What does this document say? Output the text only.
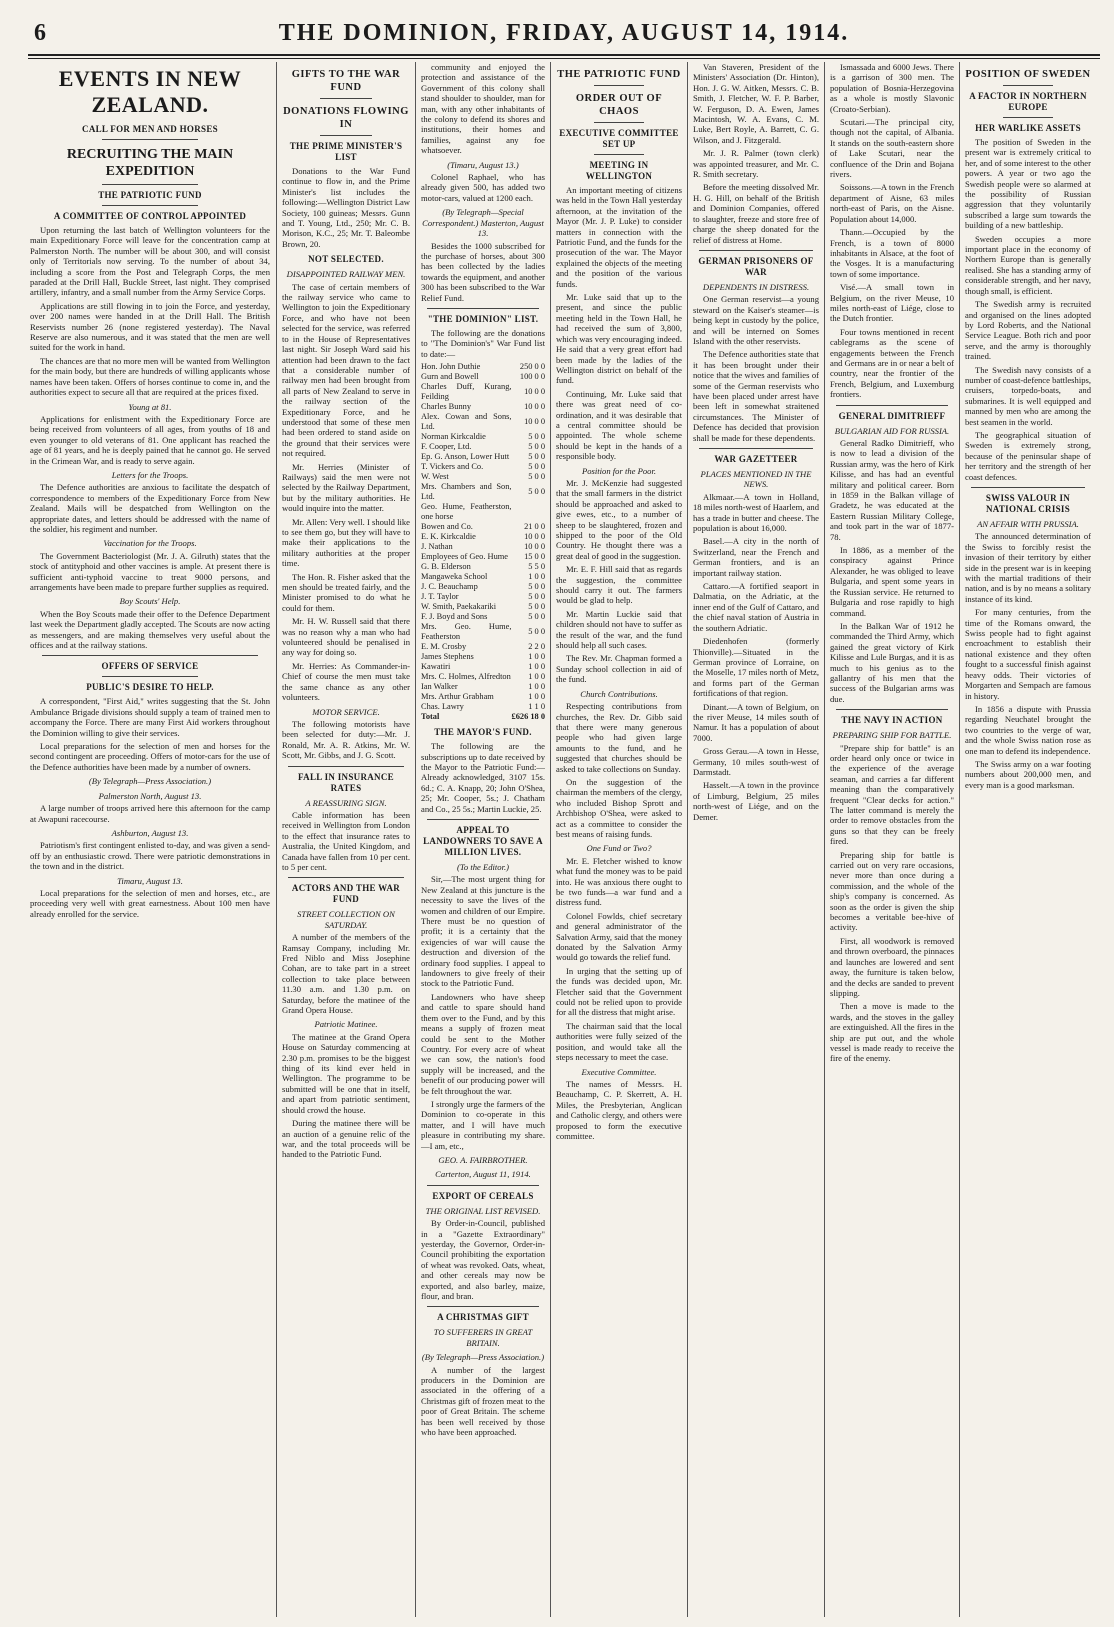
6	THE DOMINION, FRIDAY, AUGUST 14, 1914.
EVENTS IN NEW ZEALAND.
CALL FOR MEN AND HORSES
RECRUITING THE MAIN EXPEDITION
THE PATRIOTIC FUND
A COMMITTEE OF CONTROL APPOINTED

Upon returning the last batch of Wellington volunteers for the main Expeditionary Force will leave for the concentration camp at Palmerston North. The number will be about 300, and will consist only of Territorials now serving. To the number of about 34, including a score from the Post and Telegraph Corps, the men paraded at the Drill Hall, Buckle Street, last night. They comprised artillery, infantry, and a small number from the Army Service Corps.

Applications are still flowing in to join the Force, and yesterday, over 200 names were handed in at the Drill Hall. The British Reservists number 26 (none registered yesterday). The Naval Reserve are also numerous, and it was stated that the men are well suited for the work in hand.

The chances are that no more men will be wanted from Wellington for the main body, but there are hundreds of willing applicants whose names have been taken. Offers of horses continue to come in, and the authorities expect to secure all that are required at the prices fixed.

Young at 81.

Applications for enlistment with the Expeditionary Force are being received from volunteers of all ages, from youths of 18 and even younger to old veterans of 81. One applicant has reached the age of 81 years, and he is deeply pained that he cannot go. He served in the Crimean War, and is ready to serve again.

Letters for the Troops.

The Defence authorities are anxious to facilitate the despatch of correspondence to members of the Expeditionary Force from New Zealand. Mails will be despatched from Wellington on the appropriate dates, and letters should be addressed with the name of the soldier, his regiment and number.

Vaccination for the Troops.

The Government Bacteriologist (Mr. J. A. Gilruth) states that the stock of antityphoid and other vaccines is ample. At present there is sufficient anti-typhoid vaccine to treat 9000 persons, and arrangements have been made to prepare further supplies as required.

Boy Scouts' Help.

When the Boy Scouts made their offer to the Defence Department last week the Department gladly accepted. The Scouts are now acting as messengers, and are making themselves very useful about the offices and at the railway stations.

OFFERS OF SERVICE
PUBLIC'S DESIRE TO HELP.

A correspondent, "First Aid," writes suggesting that the St. John Ambulance Brigade divisions should supply a team of trained men to accompany the Force. There are many First Aid workers throughout the Dominion willing to give their services.

Local preparations for the selection of men and horses for the second contingent are proceeding. Offers of motor-cars for the use of the Defence authorities have been made by a number of owners.

(By Telegraph—Press Association.)
Palmerston North, August 13.

A large number of troops arrived here this afternoon for the camp at Awapuni racecourse.

Ashburton, August 13.

Patriotism's first contingent enlisted to-day, and was given a send-off by an enthusiastic crowd. There were patriotic demonstrations in the town and in the district.

Timaru, August 13.

Local preparations for the selection of men and horses, etc., are proceeding very well with great earnestness. About 100 men have already enrolled for the service.

GIFTS TO THE WAR FUND
DONATIONS FLOWING IN
THE PRIME MINISTER'S LIST

Donations to the War Fund continue to flow in, and the Prime Minister's list includes the following:—Wellington District Law Society, 100 guineas; Messrs. Gunn and T. Young, Ltd., 250; Mr. C. B. Morison, K.C., 25; Mr. T. Baleombe Brown, 20.

NOT SELECTED.
DISAPPOINTED RAILWAY MEN.

The case of certain members of the railway service who came to Wellington to join the Expeditionary Force, and who have not been selected for the service, was referred to in the House of Representatives last night. Sir Joseph Ward said his attention had been drawn to the fact that a considerable number of railway men had been brought from all parts of New Zealand to serve in the railway section of the Expeditionary Force, and he understood that some of these men had been ordered to stand aside on the ground that their services were not required.

Mr. Herries (Minister of Railways) said the men were not selected by the Railway Department, but by the military authorities. He would inquire into the matter.

Mr. Allen: Very well. I should like to see them go, but they will have to make their applications to the military authorities at the proper time.

The Hon. R. Fisher asked that the men should be treated fairly, and the Minister promised to do what he could for them.

Mr. H. W. Russell said that there was no reason why a man who had volunteered should be penalised in any way for doing so.

Mr. Herries: As Commander-in-Chief of course the men must take the same chance as any other volunteers.

MOTOR SERVICE.

The following motorists have been selected for duty:—Mr. J. Ronald, Mr. A. R. Atkins, Mr. W. Scott, Mr. Gibbs, and J. G. Scott.

FALL IN INSURANCE RATES
A REASSURING SIGN.

Cable information has been received in Wellington from London to the effect that insurance rates to Australia, the United Kingdom, and Canada have fallen from 10 per cent. to 5 per cent.

ACTORS AND THE WAR FUND
STREET COLLECTION ON SATURDAY.

A number of the members of the Ramsay Company, including Mr. Fred Niblo and Miss Josephine Cohan, are to take part in a street collection to take place between 11.30 a.m. and 1.30 p.m. on Saturday, before the matinee of the Grand Opera House.

Patriotic Matinee.

The matinee at the Grand Opera House on Saturday commencing at 2.30 p.m. promises to be the biggest thing of its kind ever held in Wellington. The programme to be submitted will be one that in itself, and apart from patriotic sentiment, should crowd the house.

During the matinee there will be an auction of a genuine relic of the war, and the total proceeds will be handed to the Patriotic Fund.

community and enjoyed the protection and assistance of the Government of this colony shall stand shoulder to shoulder, man for man, with any other inhabitants of the colony to defend its shores and institutions, their homes and families, against any foe whatsoever.

(Timaru, August 13.)

Colonel Raphael, who has already given 500, has added two motor-cars, valued at 1200 each.

(By Telegraph—Special Correspondent.) Masterton, August 13.

Besides the 1000 subscribed for the purchase of horses, about 300 has been collected by the ladies towards the equipment, and another 300 has been subscribed to the War Relief Fund.

"THE DOMINION" LIST.

The following are the donations to "The Dominion's" War Fund list to date:—

Hon. John Duthie	250 0 0
Gurn and Bowell	100 0 0
Charles Duff, Kurang, Feilding	10 0 0
Charles Bunny	10 0 0
Alex. Cowan and Sons, Ltd.	10 0 0
Norman Kirkcaldie	5 0 0
F. Cooper, Ltd.	5 0 0
Ep. G. Anson, Lower Hutt	5 0 0
T. Vickers and Co.	5 0 0
W. West	5 0 0
Mrs. Chambers and Son, Ltd.	5 0 0
Geo. Hume, Featherston, one horse	
Bowen and Co.	21 0 0
E. K. Kirkcaldie	10 0 0
J. Nathan	10 0 0
Employees of Geo. Hume	15 0 0
G. B. Elderson	5 5 0
Mangaweka School	1 0 0
J. C. Beauchamp	5 0 0
J. T. Taylor	5 0 0
W. Smith, Paekakariki	5 0 0
F. J. Boyd and Sons	5 0 0
Mrs. Geo. Hume, Featherston	5 0 0
E. M. Crosby	2 2 0
James Stephens	1 0 0
Kawatiri	1 0 0
Mrs. C. Holmes, Alfredton	1 0 0
Ian Walker	1 0 0
Mrs. Arthur Grabham	1 0 0
Chas. Lawry	1 1 0
Total	£626 18 0
THE MAYOR'S FUND.

The following are the subscriptions up to date received by the Mayor to the Patriotic Fund:—Already acknowledged, 3107 15s. 6d.; C. A. Knapp, 20; John O'Shea, 25; Mr. Cooper, 5s.; J. Chatham and Co., 25 5s.; Martin Luckie, 25.

APPEAL TO LANDOWNERS TO SAVE A MILLION LIVES.
(To the Editor.)

Sir,—The most urgent thing for New Zealand at this juncture is the necessity to save the lives of the women and children of our Empire. There must be no question of profit; it is a certainty that the exigencies of war will cause the destruction and diversion of the ordinary food supplies. I appeal to landowners to give freely of their stock to the Patriotic Fund.

Landowners who have sheep and cattle to spare should hand them over to the Fund, and by this means a supply of frozen meat could be sent to the Mother Country. For every acre of wheat we can sow, the nation's food supply will be increased, and the benefit of our producing power will be felt throughout the war.

I strongly urge the farmers of the Dominion to co-operate in this matter, and I will have much pleasure in contributing my share.—I am, etc.,

GEO. A. FAIRBROTHER.
Carterton, August 11, 1914.
EXPORT OF CEREALS
THE ORIGINAL LIST REVISED.

By Order-in-Council, published in a "Gazette Extraordinary" yesterday, the Governor, Order-in-Council prohibiting the exportation of wheat was revoked. Oats, wheat, and other cereals may now be exported, and also barley, maize, flour, and bran.

A CHRISTMAS GIFT
TO SUFFERERS IN GREAT BRITAIN.
(By Telegraph—Press Association.)

A number of the largest producers in the Dominion are associated in the offering of a Christmas gift of frozen meat to the poor of Great Britain. The scheme has been well received by those who have been approached.

THE PATRIOTIC FUND
ORDER OUT OF CHAOS
EXECUTIVE COMMITTEE SET UP
MEETING IN WELLINGTON

An important meeting of citizens was held in the Town Hall yesterday afternoon, at the invitation of the Mayor (Mr. J. P. Luke) to consider matters in connection with the Patriotic Fund, and the funds for the prosecution of the war. The Mayor explained the objects of the meeting and the position of the various funds.

Mr. Luke said that up to the present, and since the public meeting held in the Town Hall, he had received the sum of 3,800, which was very encouraging indeed. He said that a very great effort had been made by the ladies of the Wellington district on behalf of the fund.

Continuing, Mr. Luke said that there was great need of co-ordination, and it was desirable that a central committee should be appointed. The whole scheme should be kept in the hands of a responsible body.

Position for the Poor.

Mr. J. McKenzie had suggested that the small farmers in the district should be approached and asked to give ewes, etc., to a number of sheep to be slaughtered, frozen and shipped to the poor of the Old Country. He thought there was a great deal of good in the suggestion.

Mr. E. F. Hill said that as regards the suggestion, the committee should carry it out. The farmers would be glad to help.

Mr. Martin Luckie said that children should not have to suffer as the result of the war, and the fund should help all such cases.

The Rev. Mr. Chapman formed a Sunday school collection in aid of the fund.

Church Contributions.

Respecting contributions from churches, the Rev. Dr. Gibb said that there were many generous people who had given large amounts to the fund, and he suggested that churches should be asked to take collections on Sunday.

On the suggestion of the chairman the members of the clergy, who included Bishop Sprott and Archbishop O'Shea, were asked to act as a committee to consider the best means of raising funds.

One Fund or Two?

Mr. E. Fletcher wished to know what fund the money was to be paid into. He was anxious there ought to be two funds—a war fund and a distress fund.

Colonel Fowlds, chief secretary and general administrator of the Salvation Army, said that the money donated by the Salvation Army would go towards the relief fund.

In urging that the setting up of the funds was decided upon, Mr. Fletcher said that the Government could not be relied upon to provide for all the distress that might arise.

The chairman said that the local authorities were fully seized of the position, and would take all the steps necessary to meet the case.

Executive Committee.

The names of Messrs. H. Beauchamp, C. P. Skerrett, A. H. Miles, the Presbyterian, Anglican and Catholic clergy, and others were proposed to form the executive committee.

Van Staveren, President of the Ministers' Association (Dr. Hinton), Hon. J. G. W. Aitken, Messrs. C. B. Smith, J. Fletcher, W. F. P. Barber, W. Ferguson, D. A. Ewen, James Macintosh, W. A. Evans, C. M. Luke, Bert Royle, A. Barrett, C. G. Wilson, and J. Fitzgerald.

Mr. J. R. Palmer (town clerk) was appointed treasurer, and Mr. C. R. Smith secretary.

Before the meeting dissolved Mr. H. G. Hill, on behalf of the British and Dominion Companies, offered to slaughter, freeze and store free of charge the sheep donated for the relief of distress at Home.

GERMAN PRISONERS OF WAR
DEPENDENTS IN DISTRESS.

One German reservist—a young steward on the Kaiser's steamer—is being kept in custody by the police, and will be interned on Somes Island with the other reservists.

The Defence authorities state that it has been brought under their notice that the wives and families of some of the German reservists who have been placed under arrest have been left in somewhat straitened circumstances. The Minister of Defence has decided that provision shall be made for these dependents.

WAR GAZETTEER
PLACES MENTIONED IN THE NEWS.

Alkmaar.—A town in Holland, 18 miles north-west of Haarlem, and has a trade in butter and cheese. The population is about 16,000.

Basel.—A city in the north of Switzerland, near the French and German frontiers, and is an important railway station.

Cattaro.—A fortified seaport in Dalmatia, on the Adriatic, at the inner end of the Gulf of Cattaro, and the chief naval station of Austria in the southern Adriatic.

Diedenhofen (formerly Thionville).—Situated in the German province of Lorraine, on the Moselle, 17 miles north of Metz, and forms part of the German fortifications of that region.

Dinant.—A town of Belgium, on the river Meuse, 14 miles south of Namur. It has a population of about 7000.

Gross Gerau.—A town in Hesse, Germany, 10 miles south-west of Darmstadt.

Hasselt.—A town in the province of Limburg, Belgium, 25 miles north-west of Liége, and on the Demer.

Ismassada and 6000 Jews. There is a garrison of 300 men. The population of Bosnia-Herzegovina as a whole is mostly Slavonic (Croato-Serbian).

Scutari.—The principal city, though not the capital, of Albania. It stands on the south-eastern shore of Lake Scutari, near the confluence of the Drin and Bojana rivers.

Soissons.—A town in the French department of Aisne, 63 miles north-east of Paris, on the Aisne. Population about 14,000.

Thann.—Occupied by the French, is a town of 8000 inhabitants in Alsace, at the foot of the Vosges. It is a manufacturing town of some importance.

Visé.—A small town in Belgium, on the river Meuse, 10 miles north-east of Liége, close to the Dutch frontier.

Four towns mentioned in recent cablegrams as the scene of engagements between the French and Germans are in or near a belt of country, near the frontier of the French, Belgium, and Luxemburg frontiers.

GENERAL DIMITRIEFF
BULGARIAN AID FOR RUSSIA.

General Radko Dimitrieff, who is now to lead a division of the Russian army, was the hero of Kirk Kilisse, and has had an eventful military and political career. Born in 1859 in the Balkan village of Gradetz, he was educated at the Eastern Russian Military College, and took part in the war of 1877-78.

In 1886, as a member of the conspiracy against Prince Alexander, he was obliged to leave Bulgaria, and spent some years in the Russian service. He returned to Bulgaria and rose rapidly to high command.

In the Balkan War of 1912 he commanded the Third Army, which gained the great victory of Kirk Kilisse and Lule Burgas, and it is as much to his genius as to the gallantry of his men that the success of the Bulgarian arms was due.

THE NAVY IN ACTION
PREPARING SHIP FOR BATTLE.

"Prepare ship for battle" is an order heard only once or twice in the experience of the average seaman, and carries a far different meaning than the comparatively frequent "Clear decks for action." The latter command is merely the order to remove obstacles from the guns so that they can be freely fired.

Preparing ship for battle is carried out on very rare occasions, never more than once during a commission, and the whole of the ship's company is concerned. As soon as the order is given the ship becomes a veritable bee-hive of activity.

First, all woodwork is removed and thrown overboard, the pinnaces and launches are lowered and sent away, the furniture is taken below, and the decks are sanded to prevent slipping.

Then a move is made to the wards, and the stoves in the galley are extinguished. All the fires in the ship are put out, and the whole vessel is made ready to receive the fire of the enemy.

POSITION OF SWEDEN
A FACTOR IN NORTHERN EUROPE
HER WARLIKE ASSETS

The position of Sweden in the present war is extremely critical to her, and of some interest to the other powers. A year or two ago the Swedish people were so alarmed at the possibility of Russian aggression that they voluntarily subscribed a large sum towards the building of a new battleship.

Sweden occupies a more important place in the economy of Northern Europe than is generally realised. She has a standing army of considerable strength, and her navy, though small, is efficient.

The Swedish army is recruited and organised on the lines adopted by Lord Roberts, and the National Service League. Both rich and poor serve, and the army is thoroughly trained.

The Swedish navy consists of a number of coast-defence battleships, cruisers, torpedo-boats, and submarines. It is well equipped and manned by men who are among the best seamen in the world.

The geographical situation of Sweden is extremely strong, because of the peninsular shape of her territory and the strength of her coast defences.

SWISS VALOUR IN NATIONAL CRISIS
AN AFFAIR WITH PRUSSIA.

The announced determination of the Swiss to forcibly resist the invasion of their territory by either side in the present war is in keeping with the martial traditions of their nation, and is by no means a solitary instance of its kind.

For many centuries, from the time of the Romans onward, the Swiss people had to fight against encroachment to establish their national existence and they often fought to a successful finish against heavy odds. Their victories of Morgarten and Sempach are famous in history.

In 1856 a dispute with Prussia regarding Neuchatel brought the two countries to the verge of war, and the whole Swiss nation rose as one man to defend its independence.

The Swiss army on a war footing numbers about 200,000 men, and every man is a good marksman.
